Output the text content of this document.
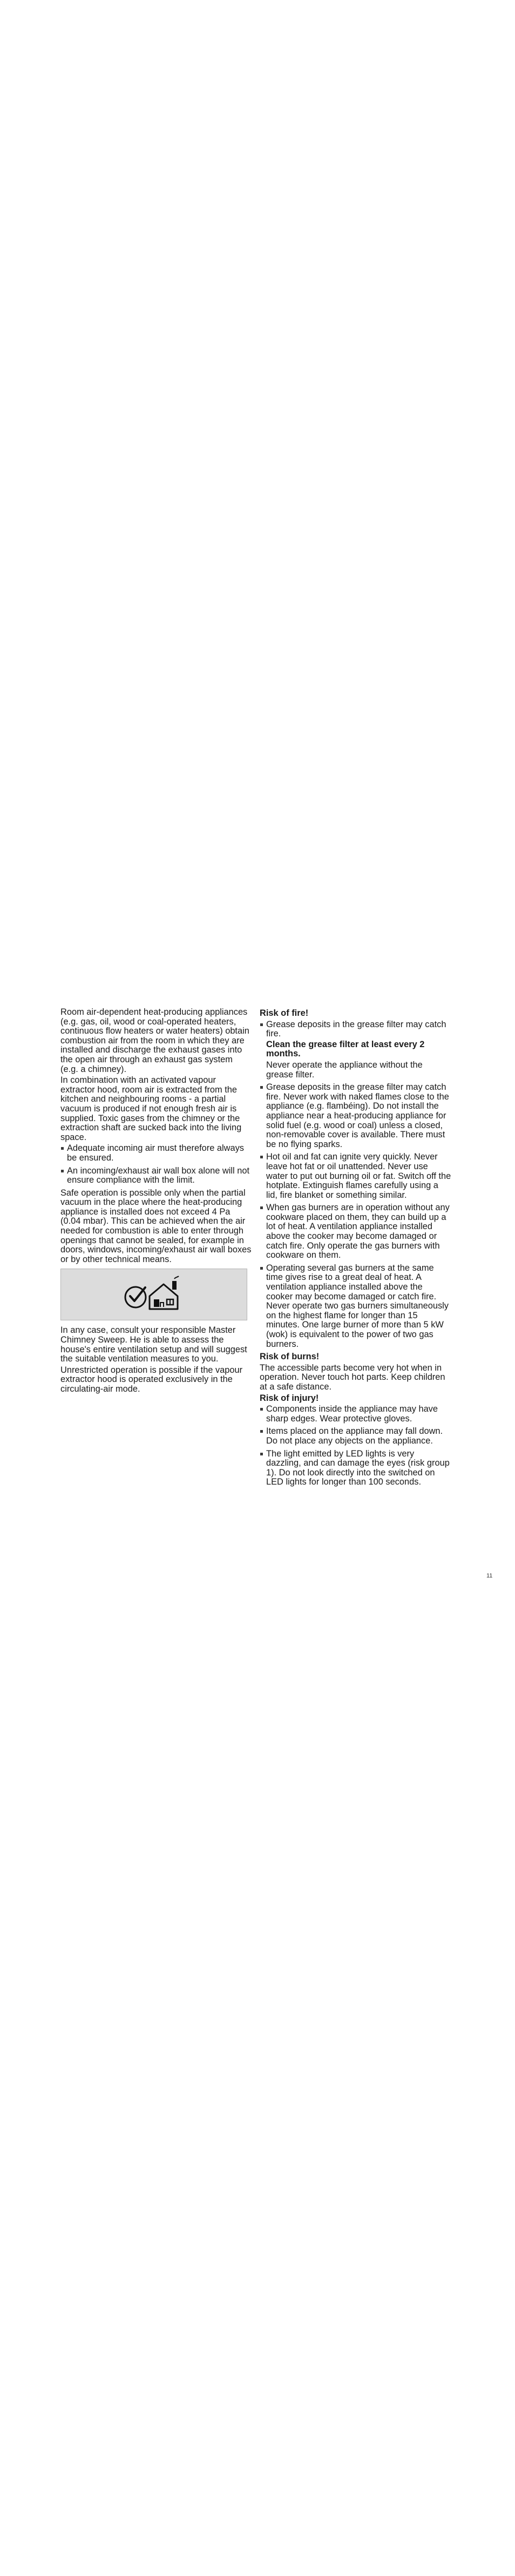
Room air-dependent heat-producing appliances (e.g. gas, oil, wood or coal-operated heaters, continuous flow heaters or water heaters) obtain combustion air from the room in which they are installed and discharge the exhaust gases into the open air through an exhaust gas system (e.g. a chimney).

In combination with an activated vapour extractor hood, room air is extracted from the kitchen and neighbouring rooms - a partial vacuum is produced if not enough fresh air is supplied. Toxic gases from the chimney or the extraction shaft are sucked back into the living space.

Adequate incoming air must therefore always be ensured.
An incoming/exhaust air wall box alone will not ensure compliance with the limit.

Safe operation is possible only when the partial vacuum in the place where the heat-producing appliance is installed does not exceed 4 Pa (0.04 mbar). This can be achieved when the air needed for combustion is able to enter through openings that cannot be sealed, for example in doors, windows, incoming/exhaust air wall boxes or by other technical means.

In any case, consult your responsible Master Chimney Sweep. He is able to assess the house's entire ventilation setup and will suggest the suitable ventilation measures to you.

Unrestricted operation is possible if the vapour extractor hood is operated exclusively in the circulating-air mode.

Risk of fire!
Grease deposits in the grease filter may catch fire.
Clean the grease filter at least every 2 months.
Never operate the appliance without the grease filter.
Grease deposits in the grease filter may catch fire. Never work with naked flames close to the appliance (e.g. flambéing). Do not install the appliance near a heat-producing appliance for solid fuel (e.g. wood or coal) unless a closed, non-removable cover is available. There must be no flying sparks.
Hot oil and fat can ignite very quickly. Never leave hot fat or oil unattended. Never use water to put out burning oil or fat. Switch off the hotplate. Extinguish flames carefully using a lid, fire blanket or something similar.
When gas burners are in operation without any cookware placed on them, they can build up a lot of heat. A ventilation appliance installed above the cooker may become damaged or catch fire. Only operate the gas burners with cookware on them.
Operating several gas burners at the same time gives rise to a great deal of heat. A ventilation appliance installed above the cooker may become damaged or catch fire. Never operate two gas burners simultaneously on the highest flame for longer than 15 minutes. One large burner of more than 5 kW (wok) is equivalent to the power of two gas burners.
Risk of burns!

The accessible parts become very hot when in operation. Never touch hot parts. Keep children at a safe distance.

Risk of injury!
Components inside the appliance may have sharp edges. Wear protective gloves.
Items placed on the appliance may fall down. Do not place any objects on the appliance.
The light emitted by LED lights is very dazzling, and can damage the eyes (risk group 1). Do not look directly into the switched on LED lights for longer than 100 seconds.
11
